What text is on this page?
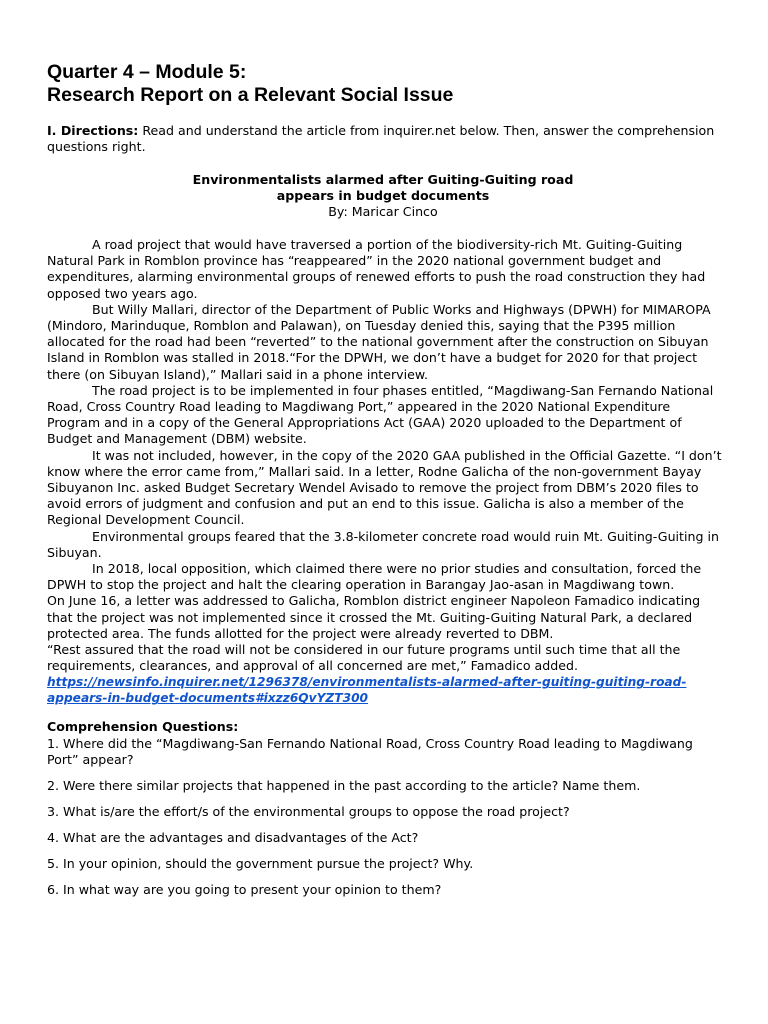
Quarter 4 – Module 5:
Research Report on a Relevant Social Issue

I. Directions: Read and understand the article from inquirer.net below. Then, answer the comprehension questions right.

Environmentalists alarmed after Guiting-Guiting road
appears in budget documents
By: Maricar Cinco

A road project that would have traversed a portion of the biodiversity-rich Mt. Guiting-Guiting Natural Park in Romblon province has “reappeared” in the 2020 national government budget and expenditures, alarming environmental groups of renewed efforts to push the road construction they had opposed two years ago.

But Willy Mallari, director of the Department of Public Works and Highways (DPWH) for MIMAROPA (Mindoro, Marinduque, Romblon and Palawan), on Tuesday denied this, saying that the P395 million allocated for the road had been “reverted” to the national government after the construction on Sibuyan Island in Romblon was stalled in 2018.“For the DPWH, we don’t have a budget for 2020 for that project there (on Sibuyan Island),” Mallari said in a phone interview.

The road project is to be implemented in four phases entitled, “Magdiwang-San Fernando National Road, Cross Country Road leading to Magdiwang Port,” appeared in the 2020 National Expenditure Program and in a copy of the General Appropriations Act (GAA) 2020 uploaded to the Department of Budget and Management (DBM) website.

It was not included, however, in the copy of the 2020 GAA published in the Official Gazette. “I don’t know where the error came from,” Mallari said. In a letter, Rodne Galicha of the non-government Bayay Sibuyanon Inc. asked Budget Secretary Wendel Avisado to remove the project from DBM’s 2020 files to avoid errors of judgment and confusion and put an end to this issue. Galicha is also a member of the Regional Development Council.

Environmental groups feared that the 3.8-kilometer concrete road would ruin Mt. Guiting-Guiting in Sibuyan.

In 2018, local opposition, which claimed there were no prior studies and consultation, forced the DPWH to stop the project and halt the clearing operation in Barangay Jao-asan in Magdiwang town.

On June 16, a letter was addressed to Galicha, Romblon district engineer Napoleon Famadico indicating that the project was not implemented since it crossed the Mt. Guiting-Guiting Natural Park, a declared protected area. The funds allotted for the project were already reverted to DBM.

“Rest assured that the road will not be considered in our future programs until such time that all the requirements, clearances, and approval of all concerned are met,” Famadico added.

https://newsinfo.inquirer.net/1296378/environmentalists-alarmed-after-guiting-guiting-road-
appears-in-budget-documents#ixzz6QvYZT300

Comprehension Questions:

1. Where did the “Magdiwang-San Fernando National Road, Cross Country Road leading to Magdiwang Port” appear?

2. Were there similar projects that happened in the past according to the article? Name them.

3. What is/are the effort/s of the environmental groups to oppose the road project?

4. What are the advantages and disadvantages of the Act?

5. In your opinion, should the government pursue the project? Why.

6. In what way are you going to present your opinion to them?
